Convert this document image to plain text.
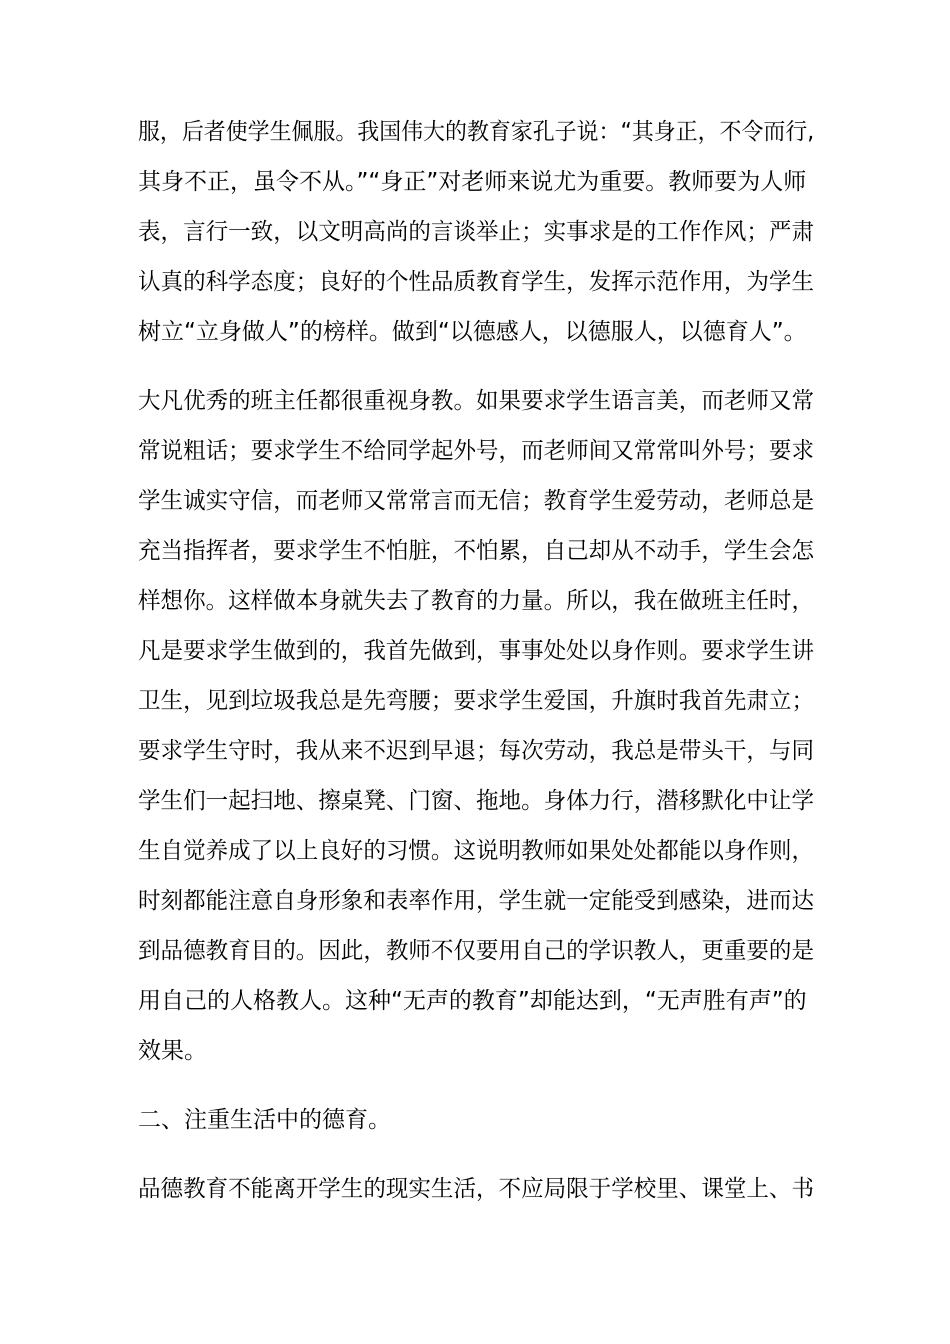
服，后者使学生佩服。我国伟大的教育家孔子说：“其身正，不令而行,
其身不正，虽令不从。”“身正”对老师来说尤为重要。教师要为人师
表，言行一致，以文明高尚的言谈举止；实事求是的工作作风；严肃
认真的科学态度；良好的个性品质教育学生，发挥示范作用，为学生
树立“立身做人”的榜样。做到“以德感人，以德服人，以德育人”。
大凡优秀的班主任都很重视身教。如果要求学生语言美，而老师又常
常说粗话；要求学生不给同学起外号，而老师间又常常叫外号；要求
学生诚实守信，而老师又常常言而无信；教育学生爱劳动，老师总是
充当指挥者，要求学生不怕脏，不怕累，自己却从不动手，学生会怎
样想你。这样做本身就失去了教育的力量。所以，我在做班主任时，
凡是要求学生做到的，我首先做到，事事处处以身作则。要求学生讲
卫生，见到垃圾我总是先弯腰；要求学生爱国，升旗时我首先肃立；
要求学生守时，我从来不迟到早退；每次劳动，我总是带头干，与同
学生们一起扫地、擦桌凳、门窗、拖地。身体力行，潜移默化中让学
生自觉养成了以上良好的习惯。这说明教师如果处处都能以身作则，
时刻都能注意自身形象和表率作用，学生就一定能受到感染，进而达
到品德教育目的。因此，教师不仅要用自己的学识教人，更重要的是
用自己的人格教人。这种“无声的教育”却能达到，“无声胜有声”的
效果。
二、注重生活中的德育。
品德教育不能离开学生的现实生活，不应局限于学校里、课堂上、书
